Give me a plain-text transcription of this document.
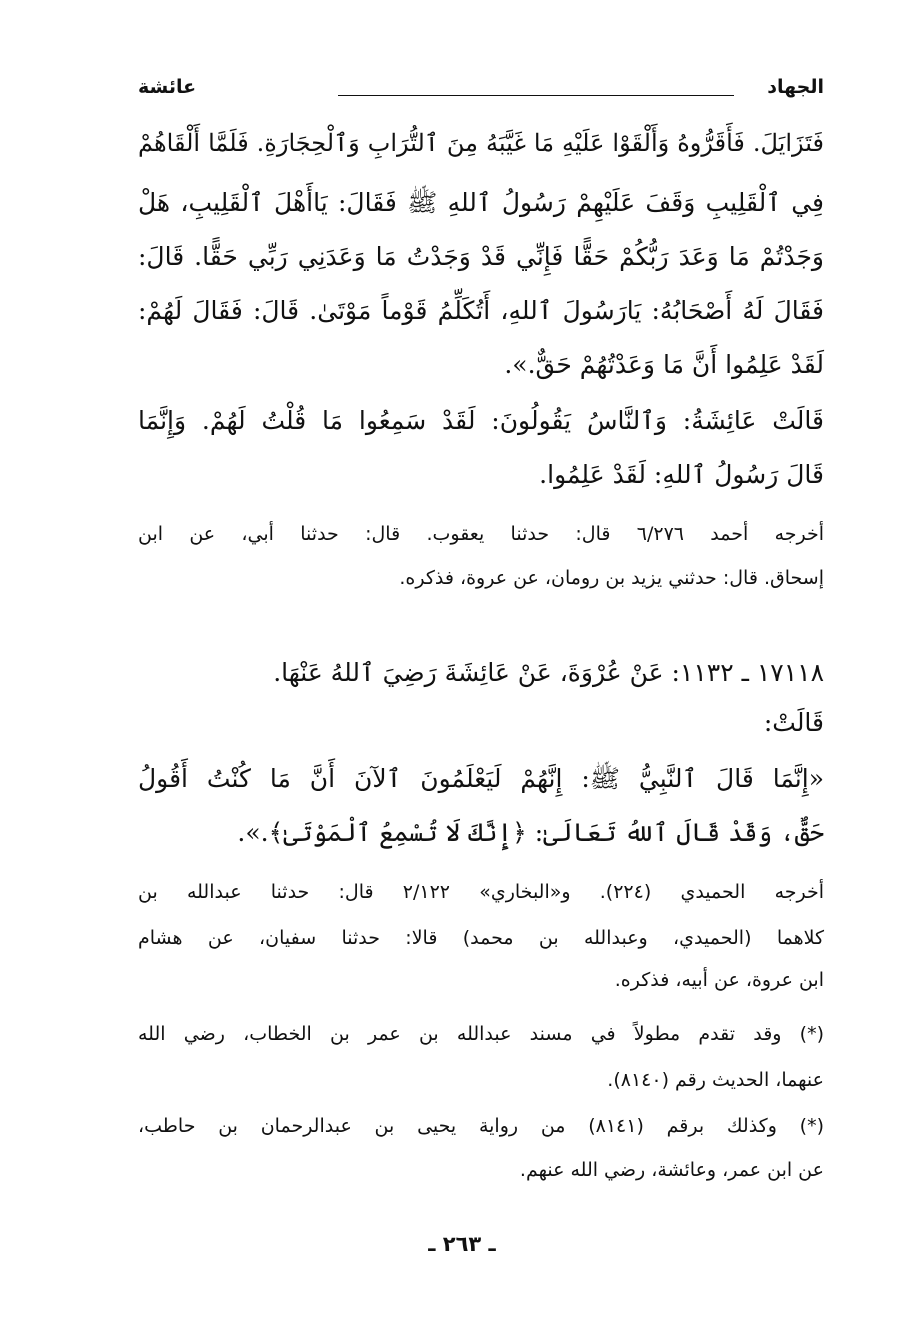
الجهاد
عائشة
فَتَزَايَلَ. فَأَقَرُّوهُ وَأَلْقَوْا عَلَيْهِ مَا غَيَّبَهُ مِنَ ٱلتُّرَابِ وَٱلْحِجَارَةِ. فَلَمَّا أَلْقَاهُمْ
فِي ٱلْقَلِيبِ وَقَفَ عَلَيْهِمْ رَسُولُ ٱللهِ ﷺ فَقَالَ: يَاأَهْلَ ٱلْقَلِيبِ، هَلْ
وَجَدْتُمْ مَا وَعَدَ رَبُّكُمْ حَقًّا فَإِنِّي قَدْ وَجَدْتُ مَا وَعَدَنِي رَبِّي حَقًّا. قَالَ:
فَقَالَ لَهُ أَصْحَابُهُ: يَارَسُولَ ٱللهِ، أَتُكَلِّمُ قَوْماً مَوْتَىٰ. قَالَ: فَقَالَ لَهُمْ:
لَقَدْ عَلِمُوا أَنَّ مَا وَعَدْتُهُمْ حَقٌّ.».
قَالَتْ عَائِشَةُ: وَٱلنَّاسُ يَقُولُونَ: لَقَدْ سَمِعُوا مَا قُلْتُ لَهُمْ. وَإِنَّمَا
قَالَ رَسُولُ ٱللهِ: لَقَدْ عَلِمُوا.
أخرجه أحمد ٦/٢٧٦ قال: حدثنا يعقوب. قال: حدثنا أبي، عن ابن
إسحاق. قال: حدثني يزيد بن رومان، عن عروة، فذكره.
١٧١١٨ ـ ١١٣٢: عَنْ عُرْوَةَ، عَنْ عَائِشَةَ رَضِيَ ٱللهُ عَنْهَا.
قَالَتْ:
«إِنَّمَا قَالَ ٱلنَّبِيُّ ﷺ: إِنَّهُمْ لَيَعْلَمُونَ ٱلآنَ أَنَّ مَا كُنْتُ أَقُولُ
حَقٌّ، وَقَدْ قَالَ ٱللهُ تَعَالَىٰ: ﴿إِنَّكَ لَا تُسْمِعُ ٱلْمَوْتَىٰ﴾.».
أخرجه الحميدي (٢٢٤). و«البخاري» ٢/١٢٢ قال: حدثنا عبدالله بن
كلاهما (الحميدي، وعبدالله بن محمد) قالا: حدثنا سفيان، عن هشام
ابن عروة، عن أبيه، فذكره.
(*) وقد تقدم مطولاً في مسند عبدالله بن عمر بن الخطاب، رضي الله
عنهما، الحديث رقم (٨١٤٠).
(*) وكذلك برقم (٨١٤١) من رواية يحيى بن عبدالرحمان بن حاطب،
عن ابن عمر، وعائشة، رضي الله عنهم.
ـ ٢٦٣ ـ
